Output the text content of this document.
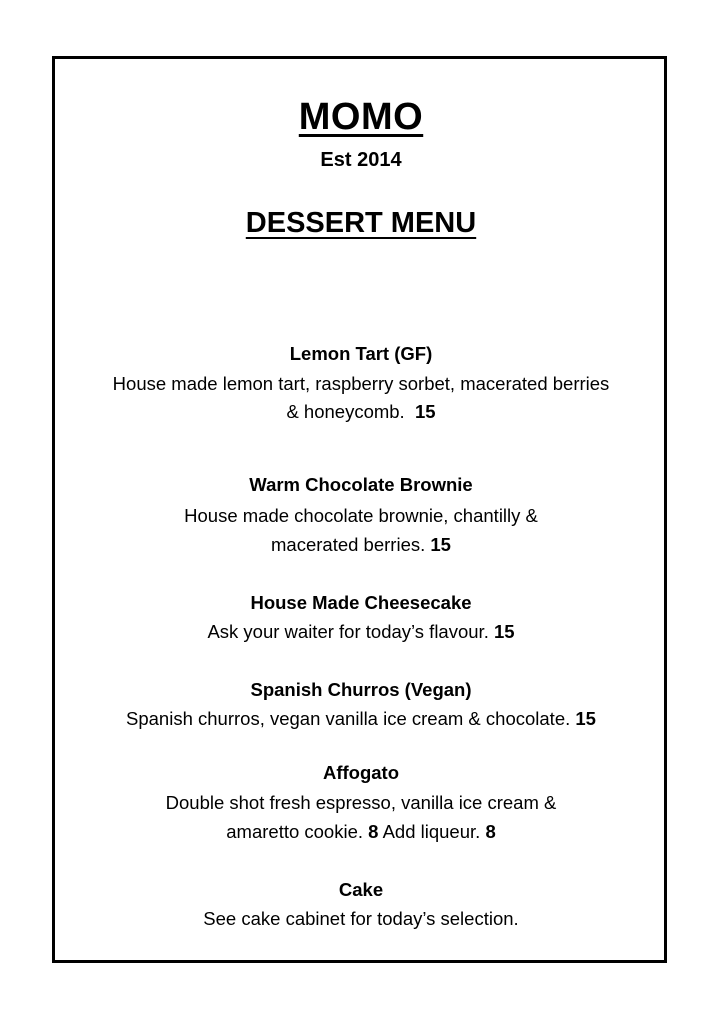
MOMO
Est 2014
DESSERT MENU
Lemon Tart (GF)
House made lemon tart, raspberry sorbet, macerated berries
& honeycomb.  15
Warm Chocolate Brownie
House made chocolate brownie, chantilly &
macerated berries. 15
House Made Cheesecake
Ask your waiter for today’s flavour. 15
Spanish Churros (Vegan)
Spanish churros, vegan vanilla ice cream & chocolate. 15
Affogato
Double shot fresh espresso, vanilla ice cream &
amaretto cookie. 8 Add liqueur. 8
Cake
See cake cabinet for today’s selection.
